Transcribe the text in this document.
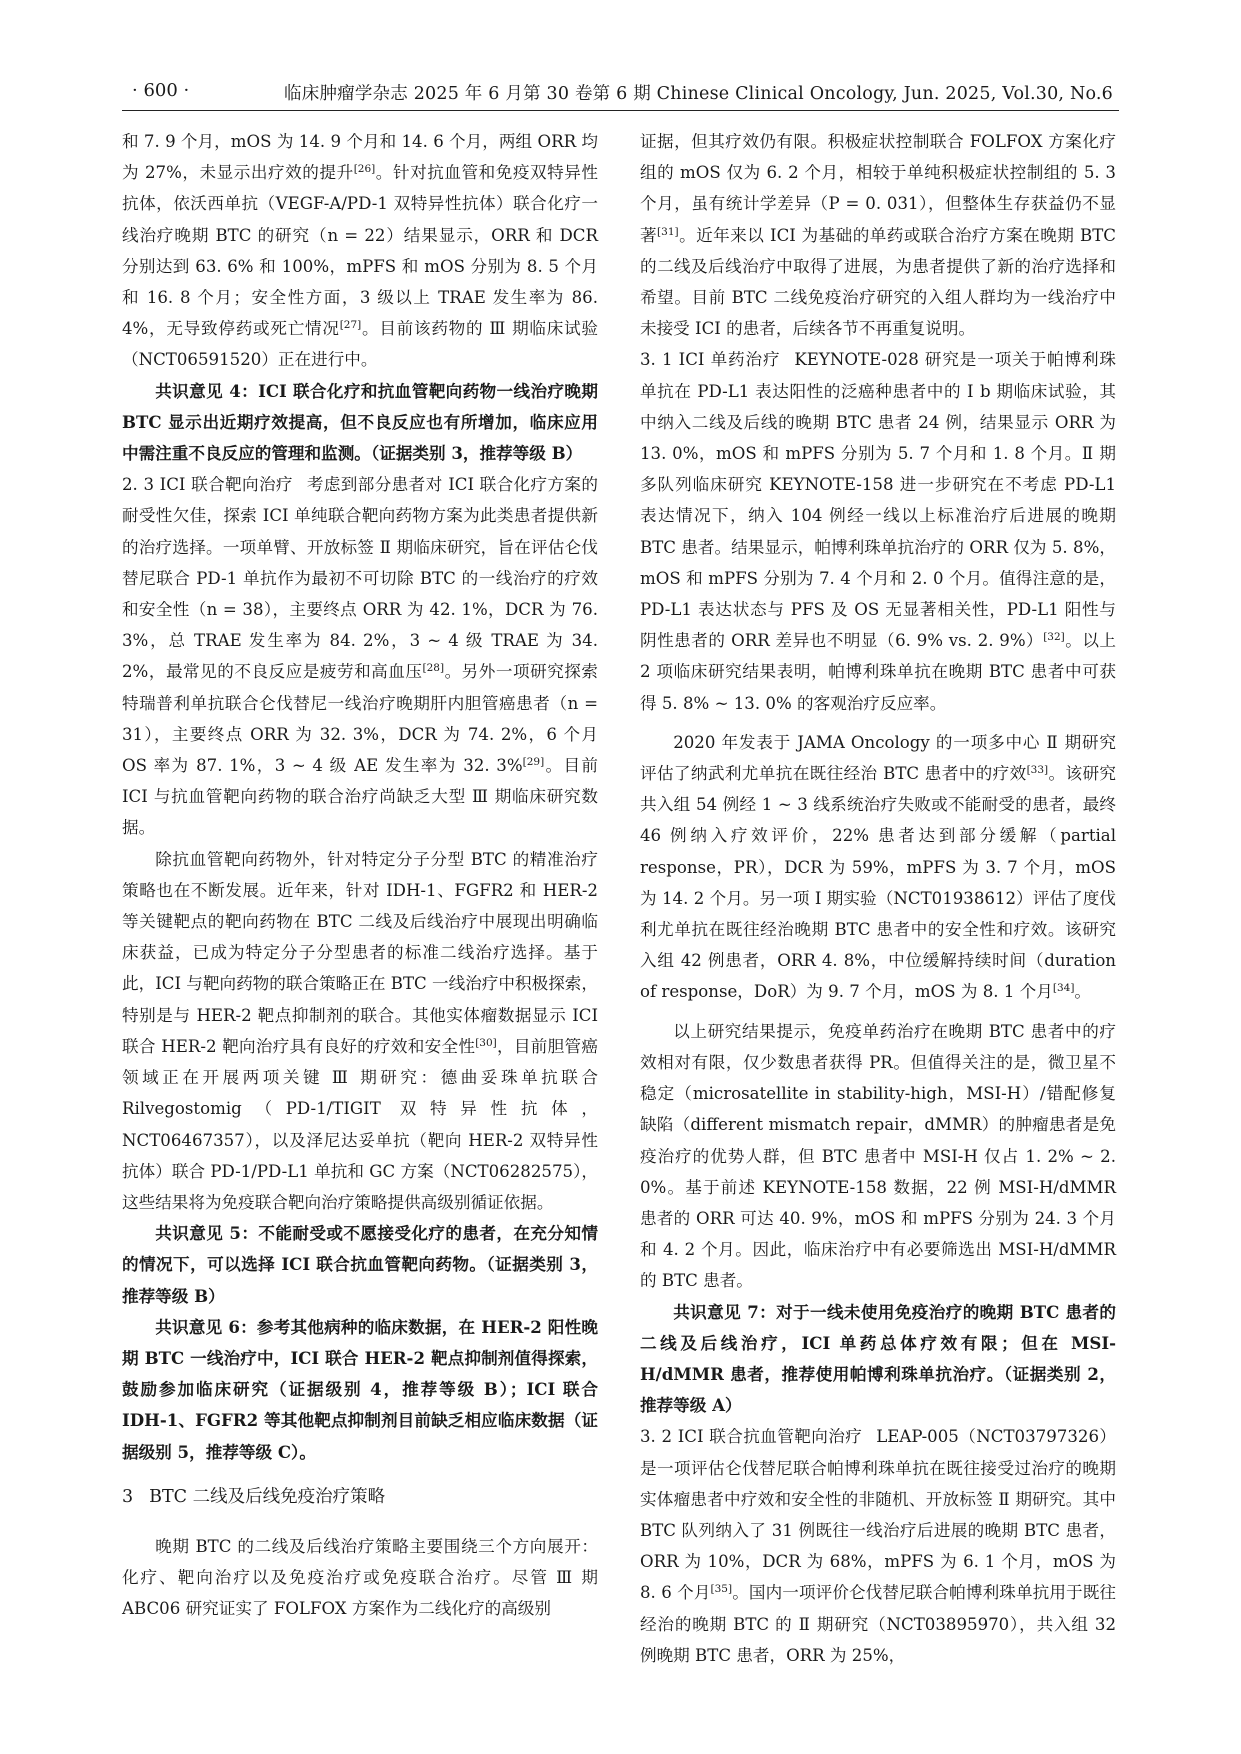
· 600 ·	临床肿瘤学杂志 2025 年 6 月第 30 卷第 6 期 Chinese Clinical Oncology, Jun. 2025, Vol.30, No.6

和 7. 9 个月，mOS 为 14. 9 个月和 14. 6 个月，两组 ORR 均为 27%，未显示出疗效的提升[26]。针对抗血管和免疫双特异性抗体，依沃西单抗（VEGF-A/PD-1 双特异性抗体）联合化疗一线治疗晚期 BTC 的研究（n = 22）结果显示，ORR 和 DCR 分别达到 63. 6% 和 100%，mPFS 和 mOS 分别为 8. 5 个月和 16. 8 个月；安全性方面，3 级以上 TRAE 发生率为 86. 4%，无导致停药或死亡情况[27]。目前该药物的 Ⅲ 期临床试验（NCT06591520）正在进行中。

共识意见 4：ICI 联合化疗和抗血管靶向药物一线治疗晚期 BTC 显示出近期疗效提高，但不良反应也有所增加，临床应用中需注重不良反应的管理和监测。（证据类别 3，推荐等级 B）

2. 3 ICI 联合靶向治疗 考虑到部分患者对 ICI 联合化疗方案的耐受性欠佳，探索 ICI 单纯联合靶向药物方案为此类患者提供新的治疗选择。一项单臂、开放标签 Ⅱ 期临床研究，旨在评估仑伐替尼联合 PD-1 单抗作为最初不可切除 BTC 的一线治疗的疗效和安全性（n = 38），主要终点 ORR 为 42. 1%，DCR 为 76. 3%，总 TRAE 发生率为 84. 2%，3 ~ 4 级 TRAE 为 34. 2%，最常见的不良反应是疲劳和高血压[28]。另外一项研究探索特瑞普利单抗联合仑伐替尼一线治疗晚期肝内胆管癌患者（n = 31），主要终点 ORR 为 32. 3%，DCR 为 74. 2%，6 个月 OS 率为 87. 1%，3 ~ 4 级 AE 发生率为 32. 3%[29]。目前 ICI 与抗血管靶向药物的联合治疗尚缺乏大型 Ⅲ 期临床研究数据。

除抗血管靶向药物外，针对特定分子分型 BTC 的精准治疗策略也在不断发展。近年来，针对 IDH-1、FGFR2 和 HER-2 等关键靶点的靶向药物在 BTC 二线及后线治疗中展现出明确临床获益，已成为特定分子分型患者的标准二线治疗选择。基于此，ICI 与靶向药物的联合策略正在 BTC 一线治疗中积极探索，特别是与 HER-2 靶点抑制剂的联合。其他实体瘤数据显示 ICI 联合 HER-2 靶向治疗具有良好的疗效和安全性[30]，目前胆管癌领域正在开展两项关键 Ⅲ 期研究：德曲妥珠单抗联合 Rilvegostomig（PD-1/TIGIT 双特异性抗体，NCT06467357），以及泽尼达妥单抗（靶向 HER-2 双特异性抗体）联合 PD-1/PD-L1 单抗和 GC 方案（NCT06282575），这些结果将为免疫联合靶向治疗策略提供高级别循证依据。

共识意见 5：不能耐受或不愿接受化疗的患者，在充分知情的情况下，可以选择 ICI 联合抗血管靶向药物。（证据类别 3，推荐等级 B）

共识意见 6：参考其他病种的临床数据，在 HER-2 阳性晚期 BTC 一线治疗中，ICI 联合 HER-2 靶点抑制剂值得探索，鼓励参加临床研究（证据级别 4，推荐等级 B）；ICI 联合 IDH-1、FGFR2 等其他靶点抑制剂目前缺乏相应临床数据（证据级别 5，推荐等级 C）。

3 BTC 二线及后线免疫治疗策略

晚期 BTC 的二线及后线治疗策略主要围绕三个方向展开：化疗、靶向治疗以及免疫治疗或免疫联合治疗。尽管 Ⅲ 期 ABC06 研究证实了 FOLFOX 方案作为二线化疗的高级别

证据，但其疗效仍有限。积极症状控制联合 FOLFOX 方案化疗组的 mOS 仅为 6. 2 个月，相较于单纯积极症状控制组的 5. 3 个月，虽有统计学差异（P = 0. 031），但整体生存获益仍不显著[31]。近年来以 ICI 为基础的单药或联合治疗方案在晚期 BTC 的二线及后线治疗中取得了进展，为患者提供了新的治疗选择和希望。目前 BTC 二线免疫治疗研究的入组人群均为一线治疗中未接受 ICI 的患者，后续各节不再重复说明。

3. 1 ICI 单药治疗 KEYNOTE-028 研究是一项关于帕博利珠单抗在 PD-L1 表达阳性的泛癌种患者中的 Ⅰ b 期临床试验，其中纳入二线及后线的晚期 BTC 患者 24 例，结果显示 ORR 为 13. 0%，mOS 和 mPFS 分别为 5. 7 个月和 1. 8 个月。Ⅱ 期多队列临床研究 KEYNOTE-158 进一步研究在不考虑 PD-L1 表达情况下，纳入 104 例经一线以上标准治疗后进展的晚期 BTC 患者。结果显示，帕博利珠单抗治疗的 ORR 仅为 5. 8%，mOS 和 mPFS 分别为 7. 4 个月和 2. 0 个月。值得注意的是，PD-L1 表达状态与 PFS 及 OS 无显著相关性，PD-L1 阳性与阴性患者的 ORR 差异也不明显（6. 9% vs. 2. 9%）[32]。以上 2 项临床研究结果表明，帕博利珠单抗在晚期 BTC 患者中可获得 5. 8% ~ 13. 0% 的客观治疗反应率。

2020 年发表于 JAMA Oncology 的一项多中心 Ⅱ 期研究评估了纳武利尤单抗在既往经治 BTC 患者中的疗效[33]。该研究共入组 54 例经 1 ~ 3 线系统治疗失败或不能耐受的患者，最终 46 例纳入疗效评价，22% 患者达到部分缓解（partial response，PR），DCR 为 59%，mPFS 为 3. 7 个月，mOS 为 14. 2 个月。另一项 Ⅰ 期实验（NCT01938612）评估了度伐利尤单抗在既往经治晚期 BTC 患者中的安全性和疗效。该研究入组 42 例患者，ORR 4. 8%，中位缓解持续时间（duration of response，DoR）为 9. 7 个月，mOS 为 8. 1 个月[34]。

以上研究结果提示，免疫单药治疗在晚期 BTC 患者中的疗效相对有限，仅少数患者获得 PR。但值得关注的是，微卫星不稳定（microsatellite in stability-high，MSI-H）/错配修复缺陷（different mismatch repair，dMMR）的肿瘤患者是免疫治疗的优势人群，但 BTC 患者中 MSI-H 仅占 1. 2% ~ 2. 0%。基于前述 KEYNOTE-158 数据，22 例 MSI-H/dMMR 患者的 ORR 可达 40. 9%，mOS 和 mPFS 分别为 24. 3 个月和 4. 2 个月。因此，临床治疗中有必要筛选出 MSI-H/dMMR 的 BTC 患者。

共识意见 7：对于一线未使用免疫治疗的晚期 BTC 患者的二线及后线治疗，ICI 单药总体疗效有限；但在 MSI-H/dMMR 患者，推荐使用帕博利珠单抗治疗。（证据类别 2，推荐等级 A）

3. 2 ICI 联合抗血管靶向治疗 LEAP-005（NCT03797326）是一项评估仑伐替尼联合帕博利珠单抗在既往接受过治疗的晚期实体瘤患者中疗效和安全性的非随机、开放标签 Ⅱ 期研究。其中 BTC 队列纳入了 31 例既往一线治疗后进展的晚期 BTC 患者，ORR 为 10%，DCR 为 68%，mPFS 为 6. 1 个月，mOS 为 8. 6 个月[35]。国内一项评价仑伐替尼联合帕博利珠单抗用于既往经治的晚期 BTC 的 Ⅱ 期研究（NCT03895970），共入组 32 例晚期 BTC 患者，ORR 为 25%，
